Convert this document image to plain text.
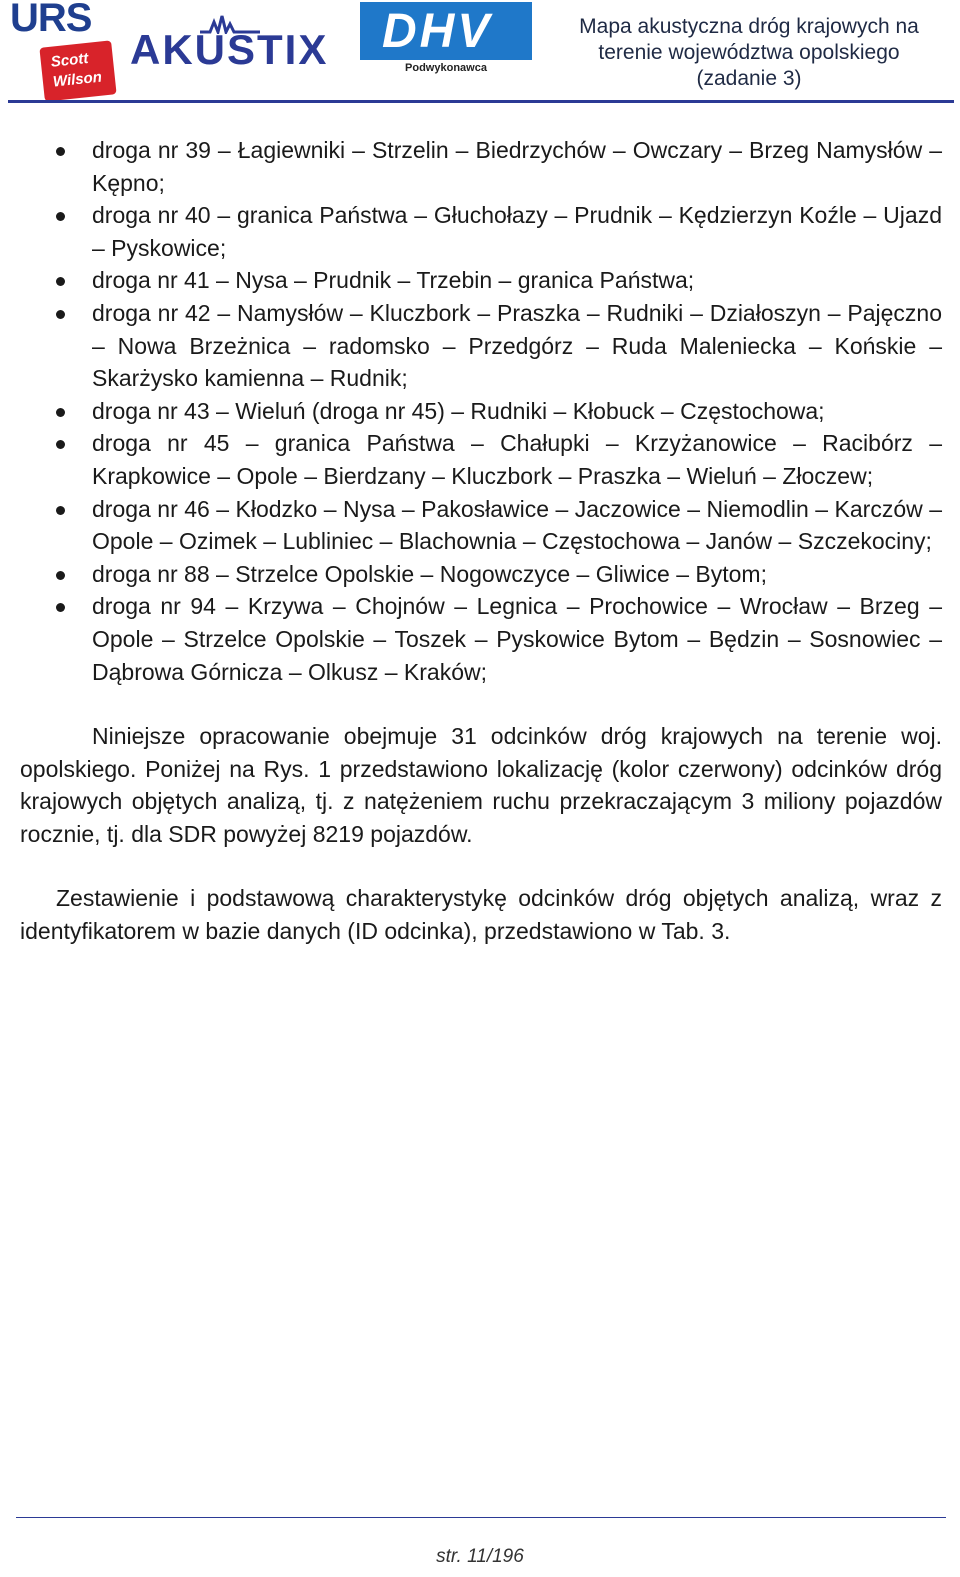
URS
Scott
Wilson
AKUSTIX DHV
Podwykonawca
Mapa akustyczna dróg krajowych na
terenie województwa opolskiego
(zadanie 3)
droga nr 39 – Łagiewniki – Strzelin – Biedrzychów – Owczary – Brzeg Namysłów – Kępno;
droga nr 40 – granica Państwa – Głuchołazy – Prudnik – Kędzierzyn Koźle – Ujazd – Pyskowice;
droga nr 41 – Nysa – Prudnik – Trzebin – granica Państwa;
droga nr 42 – Namysłów – Kluczbork – Praszka – Rudniki – Działoszyn – Pajęczno – Nowa Brzeżnica – radomsko – Przedgórz – Ruda Maleniecka – Końskie – Skarżysko kamienna – Rudnik;
droga nr 43 – Wieluń (droga nr 45) – Rudniki – Kłobuck – Częstochowa;
droga nr 45 – granica Państwa – Chałupki – Krzyżanowice – Racibórz – Krapkowice – Opole – Bierdzany – Kluczbork – Praszka – Wieluń – Złoczew;
droga nr 46 – Kłodzko – Nysa – Pakosławice – Jaczowice – Niemodlin – Karczów – Opole – Ozimek – Lubliniec – Blachownia – Częstochowa – Janów – Szczekociny;
droga nr 88 – Strzelce Opolskie – Nogowczyce – Gliwice – Bytom;
droga nr 94 – Krzywa – Chojnów – Legnica – Prochowice – Wrocław – Brzeg – Opole – Strzelce Opolskie – Toszek – Pyskowice Bytom – Będzin – Sosnowiec – Dąbrowa Górnicza – Olkusz – Kraków;

Niniejsze opracowanie obejmuje 31 odcinków dróg krajowych na terenie woj. opolskiego. Poniżej na Rys. 1 przedstawiono lokalizację (kolor czerwony) odcinków dróg krajowych objętych analizą, tj. z natężeniem ruchu przekraczającym 3 miliony pojazdów rocznie, tj. dla SDR powyżej 8219 pojazdów.

Zestawienie i podstawową charakterystykę odcinków dróg objętych analizą, wraz z identyfikatorem w bazie danych (ID odcinka), przedstawiono w Tab. 3.

str. 11/196
